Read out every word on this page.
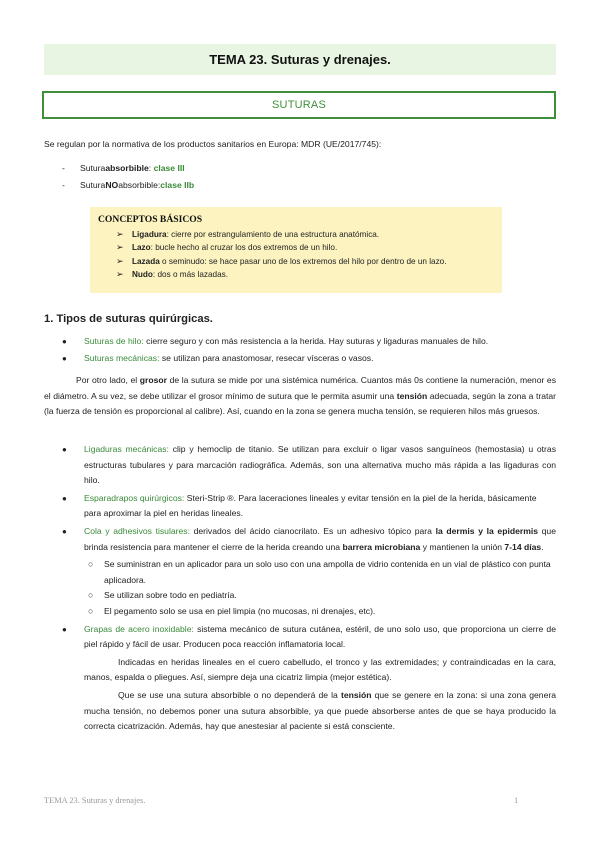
TEMA 23. Suturas y drenajes.
SUTURAS
Se regulan por la normativa de los productos sanitarios en Europa: MDR (UE/2017/745):
-	Sutura absorbible :
clase III
-	Sutura NO absorbible: clase IIb
CONCEPTOS BÁSICOS
➢	Ligadura: cierre por estrangulamiento de una estructura anatómica.
➢	Lazo: bucle hecho al cruzar los dos extremos de un hilo.
➢	Lazada o seminudo: se hace pasar uno de los extremos del hilo por dentro de un lazo.
➢	Nudo: dos o más lazadas.
1. Tipos de suturas quirúrgicas.
●	Suturas de hilo: cierre seguro y con más resistencia a la herida. Hay suturas y ligaduras manuales de hilo.
●	Suturas mecánicas: se utilizan para anastomosar, resecar vísceras o vasos.
Por otro lado, el grosor de la sutura se mide por una sistémica numérica. Cuantos más 0s contiene la numeración, menor es el diámetro. A su vez, se debe utilizar el grosor mínimo de sutura que le permita asumir una tensión adecuada, según la zona a tratar (la fuerza de tensión es proporcional al calibre). Así, cuando en la zona se genera mucha tensión, se requieren hilos más gruesos.
●	Ligaduras mecánicas: clip y hemoclip de titanio. Se utilizan para excluir o ligar vasos sanguíneos (hemostasia) u otras estructuras tubulares y para marcación radiográfica. Además, son una alternativa mucho más rápida a las ligaduras con hilo.
●	Esparadrapos quirúrgicos: Steri-Strip ®. Para laceraciones lineales y evitar tensión en la piel de la herida, básicamente para aproximar la piel en heridas lineales.
●	Cola y adhesivos tisulares: derivados del ácido cianocrilato. Es un adhesivo tópico para la dermis y la epidermis que brinda resistencia para mantener el cierre de la herida creando una barrera microbiana y mantienen la unión 7-14 días.
○	Se suministran en un aplicador para un solo uso con una ampolla de vidrio contenida en un vial de plástico con punta aplicadora.
○	Se utilizan sobre todo en pediatría.
○	El pegamento solo se usa en piel limpia (no mucosas, ni drenajes, etc).
●	Grapas de acero inoxidable: sistema mecánico de sutura cutánea, estéril, de uno solo uso, que proporciona un cierre de piel rápido y fácil de usar. Producen poca reacción inflamatoria local.
Indicadas en heridas lineales en el cuero cabelludo, el tronco y las extremidades; y contraindicadas en la cara, manos, espalda o pliegues. Así, siempre deja una cicatriz limpia (mejor estética).
Que se use una sutura absorbible o no dependerá de la tensión que se genere en la zona: si una zona genera mucha tensión, no debemos poner una sutura absorbible, ya que puede absorberse antes de que se haya producido la correcta cicatrización. Además, hay que anestesiar al paciente si está consciente.
TEMA 23. Suturas y drenajes.	1
